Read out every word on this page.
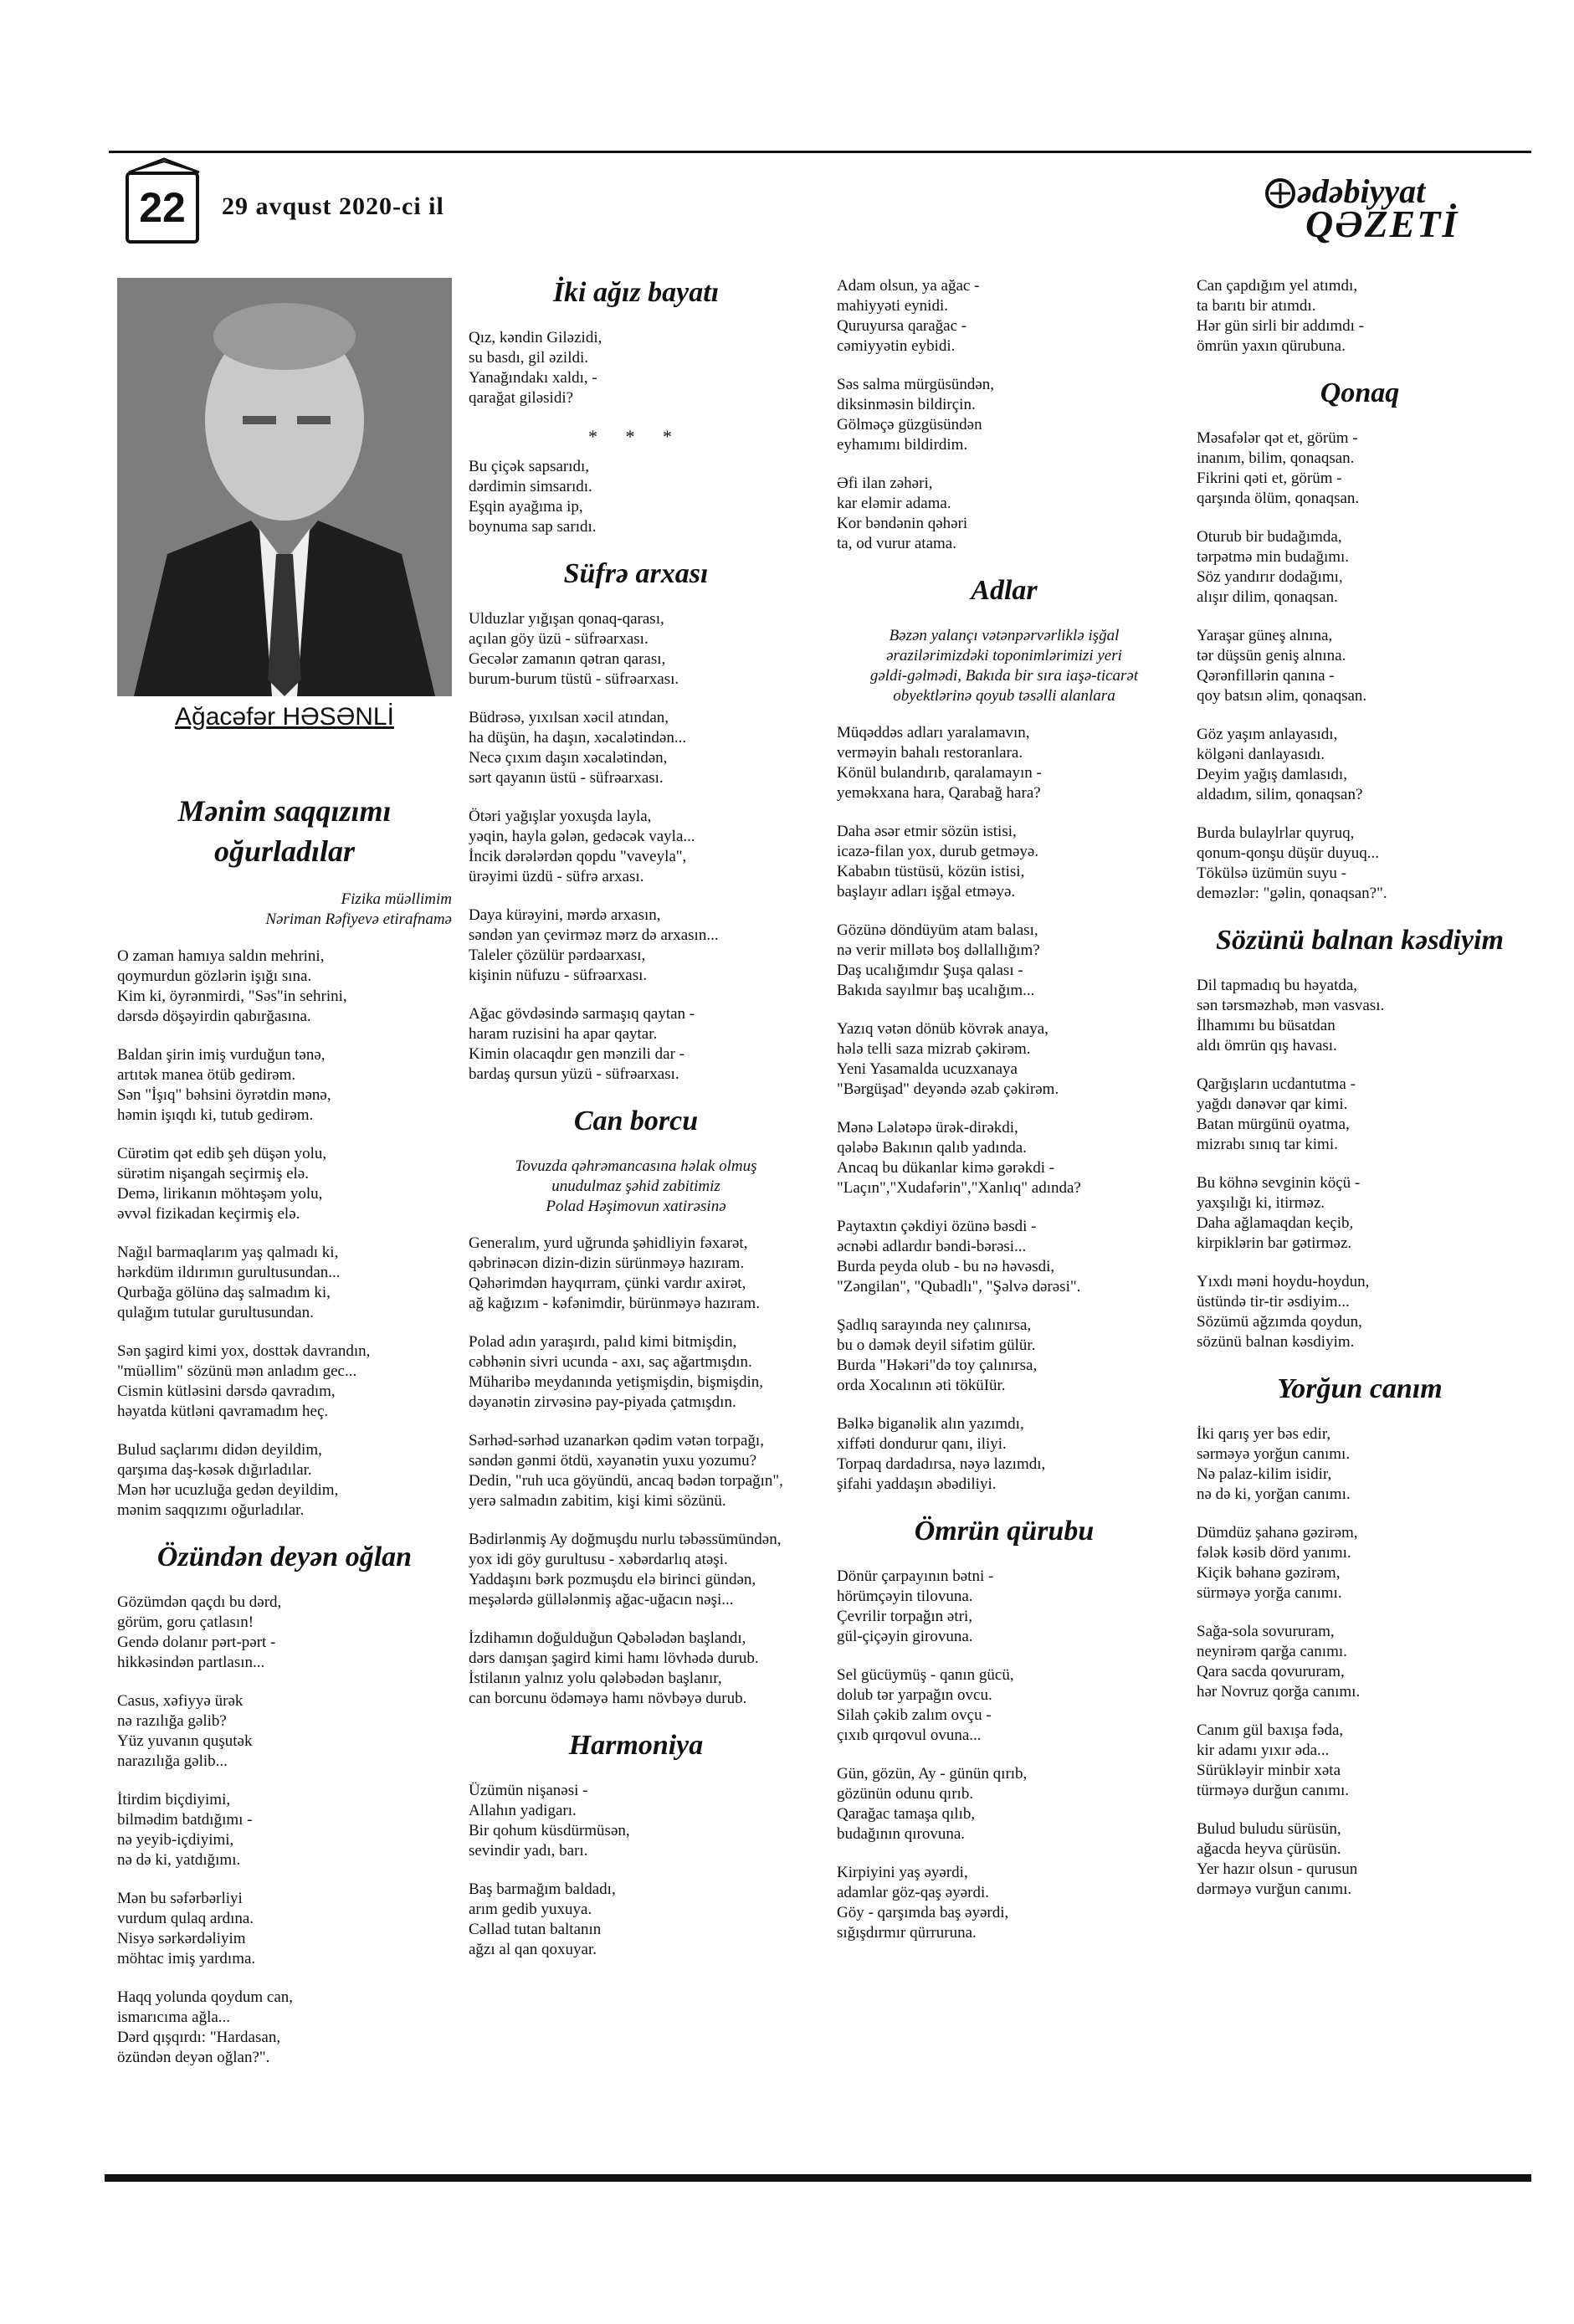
22	29 avqust 2020-ci il	ədəbiyyat
QƏZETİ
Ağacəfər HƏSƏNLİ
Mənim saqqızımı oğurladılar
Fizika müəllimim
Nəriman Rəfiyevə etirafnamə
O zaman hamıya saldın mehrini,
qoymurdun gözlərin işığı sına.
Kim ki, öyrənmirdi, "Səs"in sehrini,
dərsdə döşəyirdin qabırğasına.
Baldan şirin imiş vurduğun tənə,
artıtək manea ötüb gedirəm.
Sən "İşıq" bəhsini öyrətdin mənə,
həmin işıqdı ki, tutub gedirəm.
Cürətim qət edib şeh düşən yolu,
sürətim nişangah seçirmiş elə.
Demə, lirikanın möhtəşəm yolu,
əvvəl fizikadan keçirmiş elə.
Nağıl barmaqlarım yaş qalmadı ki,
hərkdüm ildırımın gurultusundan...
Qurbağa gölünə daş salmadım ki,
qulağım tutular gurultusundan.
Sən şagird kimi yox, dosttək davrandın,
"müəllim" sözünü mən anladım gec...
Cismin kütləsini dərsdə qavradım,
həyatda kütləni qavramadım heç.
Bulud saçlarımı didən deyildim,
qarşıma daş-kəsək dığırladılar.
Mən hər ucuzluğa gedən deyildim,
mənim saqqızımı oğurladılar.
Özündən deyən oğlan
Gözümdən qaçdı bu dərd,
görüm, goru çatlasın!
Gendə dolanır pərt-pərt -
hikkəsindən partlasın...
Casus, xəfiyyə ürək
nə razılığa gəlib?
Yüz yuvanın quşutək
narazılığa gəlib...
İtirdim biçdiyimi,
bilmədim batdığımı -
nə yeyib-içdiyimi,
nə də ki, yatdığımı.
Mən bu səfərbərliyi
vurdum qulaq ardına.
Nisyə sərkərdəliyim
möhtac imiş yardıma.
Haqq yolunda qoydum can,
ismarıcıma ağla...
Dərd qışqırdı: "Hardasan,
özündən deyən oğlan?".
İki ağız bayatı
Qız, kəndin Giləzidi,
su basdı, gil əzildi.
Yanağındakı xaldı, -
qarağat giləsidi?
* * *
Bu çiçək sapsarıdı,
dərdimin simsarıdı.
Eşqin ayağıma ip,
boynuma sap sarıdı.
Süfrə arxası
Ulduzlar yığışan qonaq-qarası,
açılan göy üzü - süfrəarxası.
Gecələr zamanın qətran qarası,
burum-burum tüstü - süfrəarxası.
Büdrəsə, yıxılsan xəcil atından,
ha düşün, ha daşın, xəcalətindən...
Necə çıxım daşın xəcalətindən,
sərt qayanın üstü - süfrəarxası.
Ötəri yağışlar yoxuşda layla,
yəqin, hayla gələn, gedəcək vayla...
İncik dərələrdən qopdu "vaveyla",
ürəyimi üzdü - süfrə arxası.
Daya kürəyini, mərdə arxasın,
səndən yan çevirməz mərz də arxasın...
Taleler çözülür pərdəarxası,
kişinin nüfuzu - süfrəarxası.
Ağac gövdəsində sarmaşıq qaytan -
haram ruzisini ha apar qaytar.
Kimin olacaqdır gen mənzili dar -
bardaş qursun yüzü - süfrəarxası.
Can borcu
Tovuzda qəhrəmancasına həlak olmuş
unudulmaz şəhid zabitimiz
Polad Həşimovun xatirəsinə
Generalım, yurd uğrunda şəhidliyin fəxarət,
qəbrinəcən dizin-dizin sürünməyə hazıram.
Qəhərimdən hayqırram, çünki vardır axirət,
ağ kağızım - kəfənimdir, bürünməyə hazıram.
Polad adın yaraşırdı, palıd kimi bitmişdin,
cəbhənin sivri ucunda - axı, saç ağartmışdın.
Müharibə meydanında yetişmişdin, bişmişdin,
dəyanətin zirvəsinə pay-piyada çatmışdın.
Sərhəd-sərhəd uzanarkən qədim vətən torpağı,
səndən gənmi ötdü, xəyanətin yuxu yozumu?
Dedin, "ruh uca göyündü, ancaq bədən torpağın",
yerə salmadın zabitim, kişi kimi sözünü.
Bədirlənmiş Ay doğmuşdu nurlu təbəssümündən,
yox idi göy gurultusu - xəbərdarlıq atəşi.
Yaddaşını bərk pozmuşdu elə birinci gündən,
meşələrdə güllələnmiş ağac-uğacın nəşi...
İzdihamın doğulduğun Qəbələdən başlandı,
dərs danışan şagird kimi hamı lövhədə durub.
İstilanın yalnız yolu qələbədən başlanır,
can borcunu ödəməyə hamı növbəyə durub.
Harmoniya
Üzümün nişanəsi -
Allahın yadigarı.
Bir qohum küsdürmüsən,
sevindir yadı, barı.
Baş barmağım baldadı,
arım gedib yuxuya.
Cəllad tutan baltanın
ağzı al qan qoxuyar.
Adam olsun, ya ağac -
mahiyyəti eynidi.
Quruyursa qarağac -
cəmiyyətin eybidi.
Səs salma mürgüsündən,
diksinməsin bildirçin.
Gölməçə güzgüsündən
eyhamımı bildirdim.
Əfi ilan zəhəri,
kar eləmir adama.
Kor bəndənin qəhəri
ta, od vurur atama.
Adlar
Bəzən yalançı vətənpərvərliklə işğal
ərazilərimizdəki toponimlərimizi yeri
gəldi-gəlmədi, Bakıda bir sıra iaşə-ticarət
obyektlərinə qoyub təsəlli alanlara
Müqəddəs adları yaralamavın,
verməyin bahalı restoranlara.
Könül bulandırıb, qaralamayın -
yeməkxana hara, Qarabağ hara?
Daha əsər etmir sözün istisi,
icazə-filan yox, durub getməyə.
Kababın tüstüsü, közün istisi,
başlayır adları işğal etməyə.
Gözünə döndüyüm atam balası,
nə verir millətə boş dəllallığım?
Daş ucalığımdır Şuşa qalası -
Bakıda sayılmır baş ucalığım...
Yazıq vətən dönüb kövrək anaya,
hələ telli saza mizrab çəkirəm.
Yeni Yasamalda ucuzxanaya
"Bərgüşad" deyəndə əzab çəkirəm.
Mənə Lələtəpə ürək-dirəkdi,
qələbə Bakının qalıb yadında.
Ancaq bu dükanlar kimə gərəkdi -
"Laçın","Xudafərin","Xanlıq" adında?
Paytaxtın çəkdiyi özünə bəsdi -
əcnəbi adlardır bəndi-bərəsi...
Burda peyda olub - bu nə həvəsdi,
"Zəngilan", "Qubadlı", "Şəlvə dərəsi".
Şadlıq sarayında ney çalınırsa,
bu o dəmək deyil sifətim gülür.
Burda "Həkəri"də toy çalınırsa,
orda Xocalının əti töküIür.
Bəlkə biganəlik alın yazımdı,
xiffəti dondurur qanı, iliyi.
Torpaq dardadırsa, nəyə lazımdı,
şifahi yaddaşın əbədiliyi.
Ömrün qürubu
Dönür çarpayının bətni -
hörümçəyin tilovuna.
Çevrilir torpağın ətri,
gül-çiçəyin girovuna.
Sel gücüymüş - qanın gücü,
dolub tər yarpağın ovcu.
Silah çəkib zalım ovçu -
çıxıb qırqovul ovuna...
Gün, gözün, Ay - günün qırıb,
gözünün odunu qırıb.
Qarağac tamaşa qılıb,
budağının qırovuna.
Kirpiyini yaş əyərdi,
adamlar göz-qaş əyərdi.
Göy - qarşımda baş əyərdi,
sığışdırmır qürruruna.
Can çapdığım yel atımdı,
ta barıtı bir atımdı.
Hər gün sirli bir addımdı -
ömrün yaxın qürubuna.
Qonaq
Məsafələr qət et, görüm -
inanım, bilim, qonaqsan.
Fikrini qəti et, görüm -
qarşında ölüm, qonaqsan.
Oturub bir budağımda,
tərpətmə min budağımı.
Söz yandırır dodağımı,
alışır dilim, qonaqsan.
Yaraşar güneş alnına,
tər düşsün geniş alnına.
Qərənfillərin qanına -
qoy batsın əlim, qonaqsan.
Göz yaşım anlayasıdı,
kölgəni danlayasıdı.
Deyim yağış damlasıdı,
aldadım, silim, qonaqsan?
Burda bulaylrlar quyruq,
qonum-qonşu düşür duyuq...
Tökülsə üzümün suyu -
deməzlər: "gəlin, qonaqsan?".
Sözünü balnan kəsdiyim
Dil tapmadıq bu həyatda,
sən tərsməzhəb, mən vasvası.
İlhamımı bu büsatdan
aldı ömrün qış havası.
Qarğışların ucdantutma -
yağdı dənəvər qar kimi.
Batan mürgünü oyatma,
mizrabı sınıq tar kimi.
Bu köhnə sevginin köçü -
yaxşılığı ki, itirməz.
Daha ağlamaqdan keçib,
kirpiklərin bar gətirməz.
Yıxdı məni hoydu-hoydun,
üstündə tir-tir əsdiyim...
Sözümü ağzımda qoydun,
sözünü balnan kəsdiyim.
Yorğun canım
İki qarış yer bəs edir,
sərməyə yorğun canımı.
Nə palaz-kilim isidir,
nə də ki, yorğan canımı.
Dümdüz şahanə gəzirəm,
fələk kəsib dörd yanımı.
Kiçik bəhanə gəzirəm,
sürməyə yorğa canımı.
Sağa-sola sovururam,
neynirəm qarğa canımı.
Qara sacda qovururam,
hər Novruz qorğa canımı.
Canım gül baxışa fəda,
kir adamı yıxır əda...
Sürükləyir minbir xəta
türməyə durğun canımı.
Bulud buludu sürüsün,
ağacda heyva çürüsün.
Yer hazır olsun - qurusun
dərməyə vurğun canımı.
